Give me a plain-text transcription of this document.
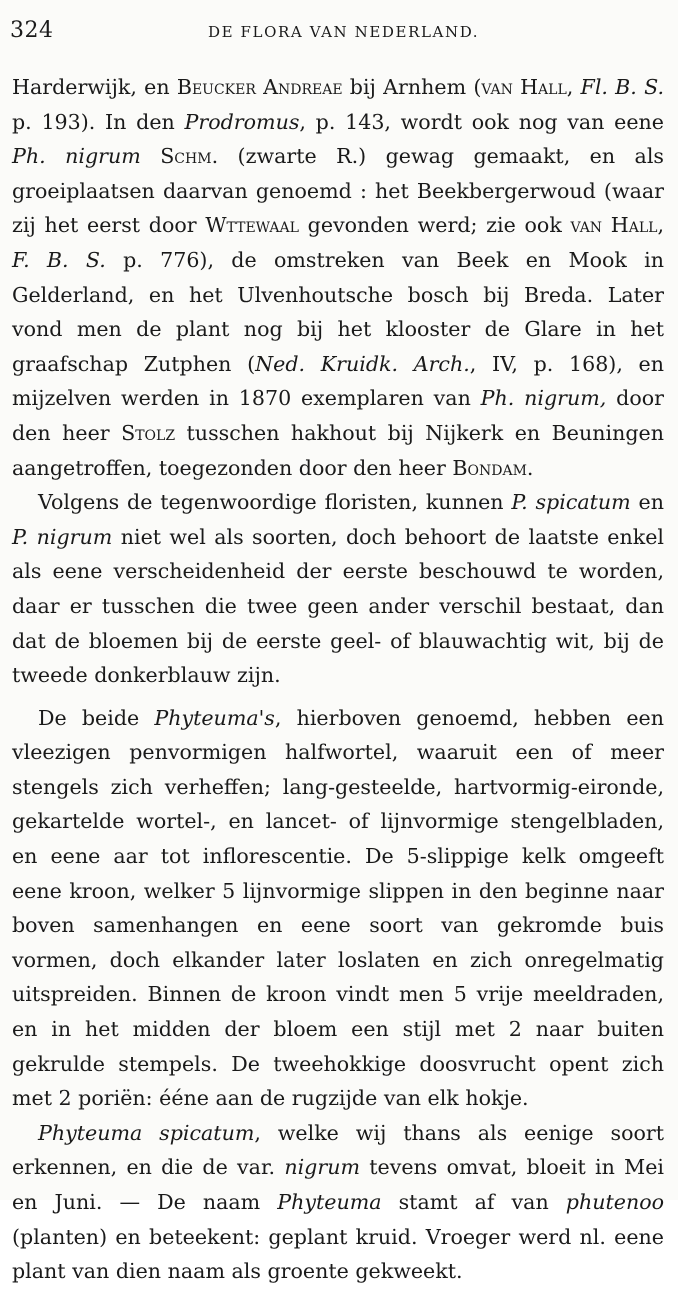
324	DE FLORA VAN NEDERLAND.

Harderwijk, en Beucker Andreae bij Arnhem (van Hall, Fl. B. S. p. 193). In den Prodromus, p. 143, wordt ook nog van eene Ph. nigrum Schm. (zwarte R.) gewag gemaakt, en als groeiplaatsen daarvan genoemd : het Beekbergerwoud (waar zij het eerst door Wttewaal gevonden werd; zie ook van Hall, F. B. S. p. 776), de omstreken van Beek en Mook in Gelderland, en het Ulvenhoutsche bosch bij Breda. Later vond men de plant nog bij het klooster de Glare in het graafschap Zutphen (Ned. Kruidk. Arch., IV, p. 168), en mijzelven werden in 1870 exemplaren van Ph. nigrum, door den heer Stolz tusschen hakhout bij Nijkerk en Beuningen aangetroffen, toegezonden door den heer Bondam.

Volgens de tegenwoordige floristen, kunnen P. spicatum en P. nigrum niet wel als soorten, doch behoort de laatste enkel als eene verscheidenheid der eerste beschouwd te worden, daar er tusschen die twee geen ander verschil bestaat, dan dat de bloemen bij de eerste geel- of blauwachtig wit, bij de tweede donkerblauw zijn.

De beide Phyteuma's, hierboven genoemd, hebben een vleezigen penvormigen halfwortel, waaruit een of meer stengels zich verheffen; lang-gesteelde, hartvormig-eironde, gekartelde wortel-, en lancet- of lijnvormige stengelbladen, en eene aar tot inflorescentie. De 5-slippige kelk omgeeft eene kroon, welker 5 lijnvormige slippen in den beginne naar boven samenhangen en eene soort van gekromde buis vormen, doch elkander later loslaten en zich onregelmatig uitspreiden. Binnen de kroon vindt men 5 vrije meeldraden, en in het midden der bloem een stijl met 2 naar buiten gekrulde stempels. De tweehokkige doosvrucht opent zich met 2 poriën: ééne aan de rugzijde van elk hokje.

Phyteuma spicatum, welke wij thans als eenige soort erkennen, en die de var. nigrum tevens omvat, bloeit in Mei en Juni. — De naam Phyteuma stamt af van phutenoo (planten) en beteekent: geplant kruid. Vroeger werd nl. eene plant van dien naam als groente gekweekt.
